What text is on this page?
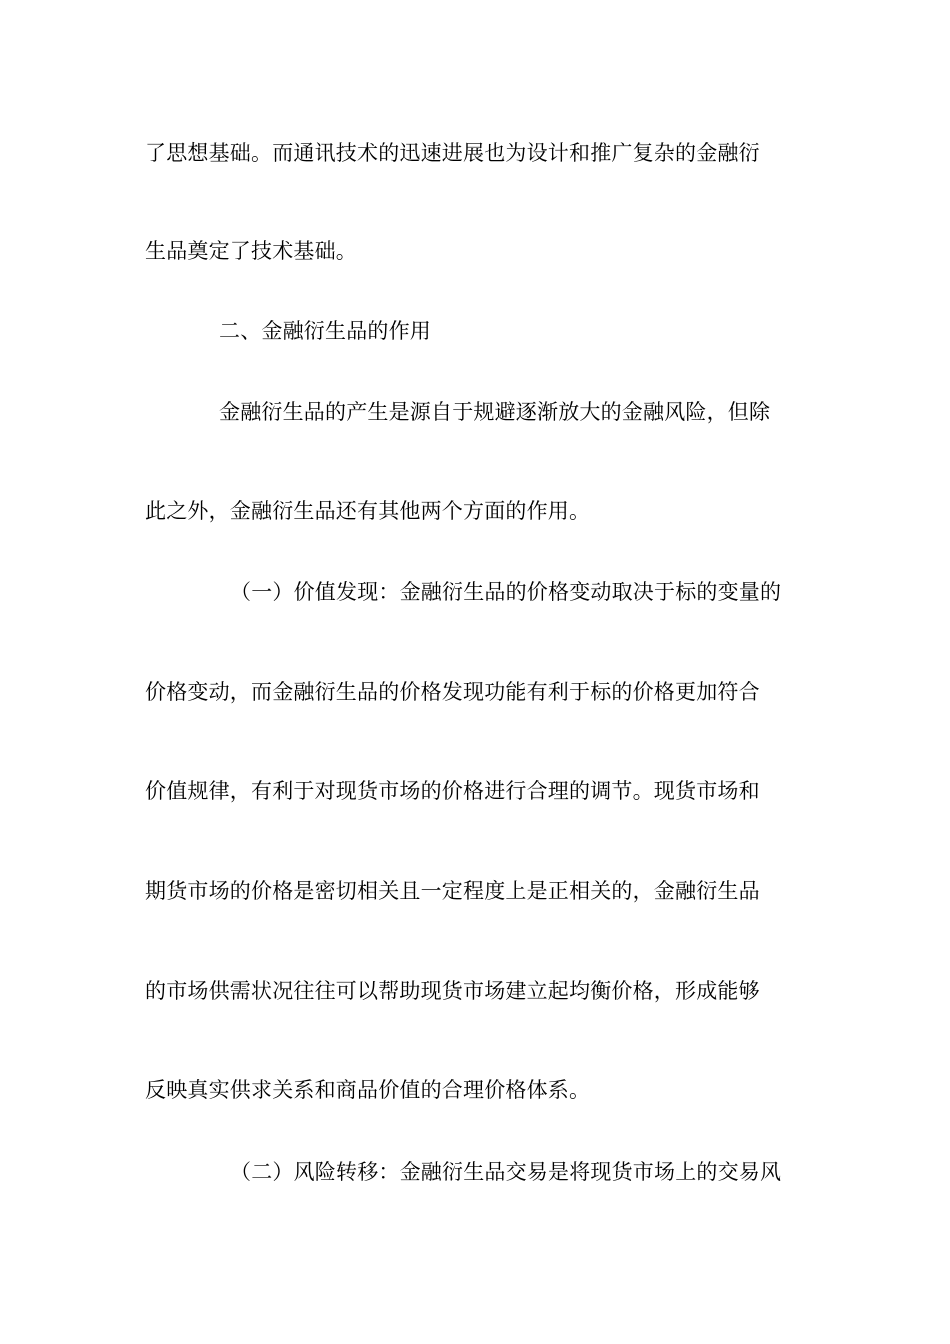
了思想基础。而通讯技术的迅速进展也为设计和推广复杂的金融衍
生品奠定了技术基础。
二、金融衍生品的作用
金融衍生品的产生是源自于规避逐渐放大的金融风险，但除
此之外，金融衍生品还有其他两个方面的作用。
（一）价值发现：金融衍生品的价格变动取决于标的变量的
价格变动，而金融衍生品的价格发现功能有利于标的价格更加符合
价值规律，有利于对现货市场的价格进行合理的调节。现货市场和
期货市场的价格是密切相关且一定程度上是正相关的，金融衍生品
的市场供需状况往往可以帮助现货市场建立起均衡价格，形成能够
反映真实供求关系和商品价值的合理价格体系。
（二）风险转移：金融衍生品交易是将现货市场上的交易风
